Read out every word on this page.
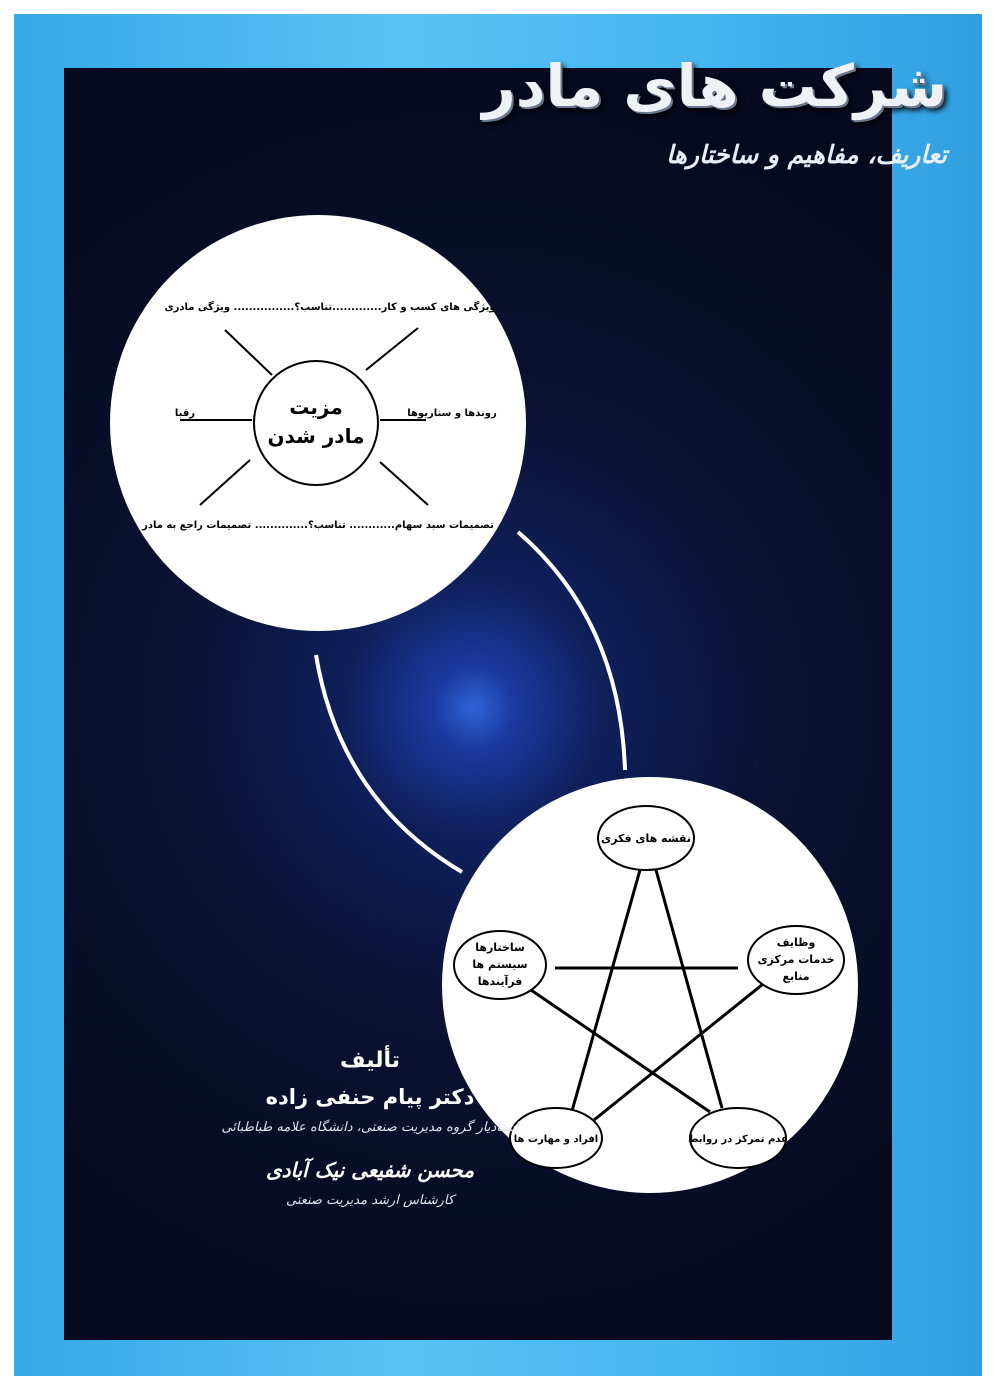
شرکت های مادر
تعاریف، مفاهیم و ساختارها
مزیت
مادر شدن
ویژگی های کسب و کار.............تناسب؟................ ویژگی مادری
رقبا	روندها و سناریوها
تصمیمات سبد سهام............ تناسب؟.............. تصمیمات راجع به مادر
نقشه های فکری
وظایف
خدمات مرکزی
منابع
ساختارها
سیستم ها
فرآیندها
عدم تمرکز در روابط
افراد و مهارت ها
تألیف
دکتر پیام حنفی زاده
استادیار گروه مدیریت صنعتی، دانشگاه علامه طباطبائی
محسن شفیعی نیک آبادی
کارشناس ارشد مدیریت صنعتی
